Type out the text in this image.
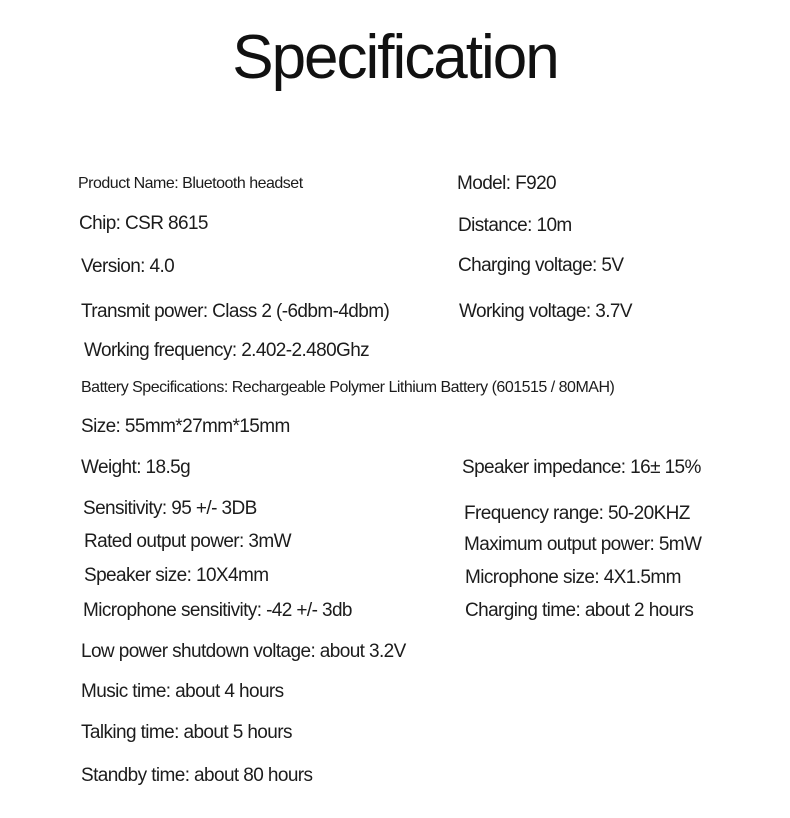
Specification
Product Name: Bluetooth headset	Model: F920
Chip: CSR 8615	Distance: 10m
Version: 4.0	Charging voltage: 5V
Transmit power: Class 2 (-6dbm-4dbm)	Working voltage: 3.7V
Working frequency: 2.402-2.480Ghz
Battery Specifications: Rechargeable Polymer Lithium Battery (601515 / 80MAH)
Size: 55mm*27mm*15mm
Weight: 18.5g	Speaker impedance: 16± 15%
Sensitivity: 95 +/- 3DB	Frequency range: 50-20KHZ
Rated output power: 3mW	Maximum output power: 5mW
Speaker size: 10X4mm	Microphone size: 4X1.5mm
Microphone sensitivity: -42 +/- 3db	Charging time: about 2 hours
Low power shutdown voltage: about 3.2V
Music time: about 4 hours
Talking time: about 5 hours
Standby time: about 80 hours
